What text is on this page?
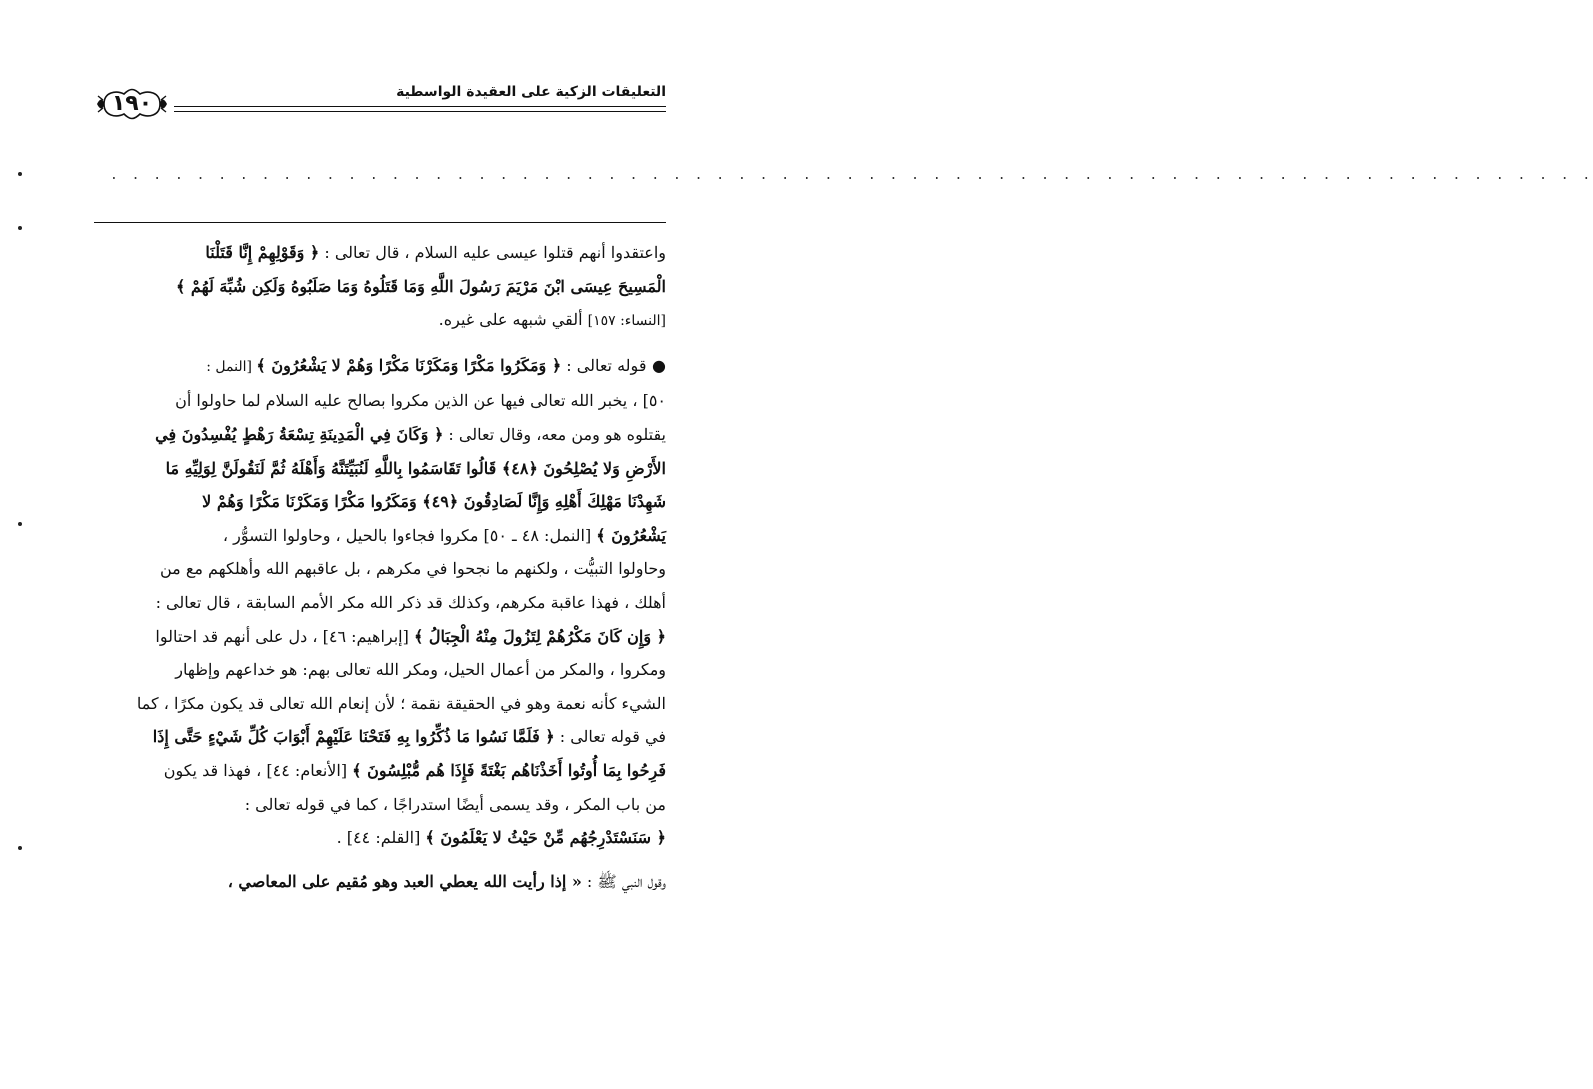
التعليقات الزكية على العقيدة الواسطية
١٩٠
. . . . . . . . . . . . . . . . . . . . . . . . . . . . . . . . . . . . . . . . . . . . . . . . . . . . . . . . . . . . . . . . . . . . .
واعتقدوا أنهم قتلوا عيسى عليه السلام ، قال تعالى : ﴿ وَقَوْلِهِمْ إِنَّا قَتَلْنَا
الْمَسِيحَ عِيسَى ابْنَ مَرْيَمَ رَسُولَ اللَّهِ وَمَا قَتَلُوهُ وَمَا صَلَبُوهُ وَلَكِن شُبِّهَ لَهُمْ ﴾
[النساء: ١٥٧] ألقي شبهه على غيره.
● قوله تعالى : ﴿ وَمَكَرُوا مَكْرًا وَمَكَرْنَا مَكْرًا وَهُمْ لا يَشْعُرُونَ ﴾ [النمل :
٥٠] ، يخبر الله تعالى فيها عن الذين مكروا بصالح عليه السلام لما حاولوا أن
يقتلوه هو ومن معه، وقال تعالى : ﴿ وَكَانَ فِي الْمَدِينَةِ تِسْعَةُ رَهْطٍ يُفْسِدُونَ فِي
الأَرْضِ وَلا يُصْلِحُونَ ﴿٤٨﴾ قَالُوا تَقَاسَمُوا بِاللَّهِ لَنُبَيِّتَنَّهُ وَأَهْلَهُ ثُمَّ لَنَقُولَنَّ لِوَلِيِّهِ مَا
شَهِدْنَا مَهْلِكَ أَهْلِهِ وَإِنَّا لَصَادِقُونَ ﴿٤٩﴾ وَمَكَرُوا مَكْرًا وَمَكَرْنَا مَكْرًا وَهُمْ لا
يَشْعُرُونَ ﴾ [النمل: ٤٨ ـ ٥٠] مكروا فجاءوا بالحيل ، وحاولوا التسوُّر ،
وحاولوا التبيُّت ، ولكنهم ما نجحوا في مكرهم ، بل عاقبهم الله وأهلكهم مع من
أهلك ، فهذا عاقبة مكرهم، وكذلك قد ذكر الله مكر الأمم السابقة ، قال تعالى :
﴿ وَإِن كَانَ مَكْرُهُمْ لِتَزُولَ مِنْهُ الْجِبَالُ ﴾ [إبراهيم: ٤٦] ، دل على أنهم قد احتالوا
ومكروا ، والمكر من أعمال الحيل، ومكر الله تعالى بهم: هو خداعهم وإظهار
الشيء كأنه نعمة وهو في الحقيقة نقمة ؛ لأن إنعام الله تعالى قد يكون مكرًا ، كما
في قوله تعالى : ﴿ فَلَمَّا نَسُوا مَا ذُكِّرُوا بِهِ فَتَحْنَا عَلَيْهِمْ أَبْوَابَ كُلِّ شَيْءٍ حَتَّى إِذَا
فَرِحُوا بِمَا أُوتُوا أَخَذْنَاهُم بَغْتَةً فَإِذَا هُم مُّبْلِسُونَ ﴾ [الأنعام: ٤٤] ، فهذا قد يكون
من باب المكر ، وقد يسمى أيضًا استدراجًا ، كما في قوله تعالى :
﴿ سَنَسْتَدْرِجُهُم مِّنْ حَيْثُ لا يَعْلَمُونَ ﴾ [القلم: ٤٤] .
وقول النبي ﷺ : « إذا رأيت الله يعطي العبد وهو مُقيم على المعاصي ،
